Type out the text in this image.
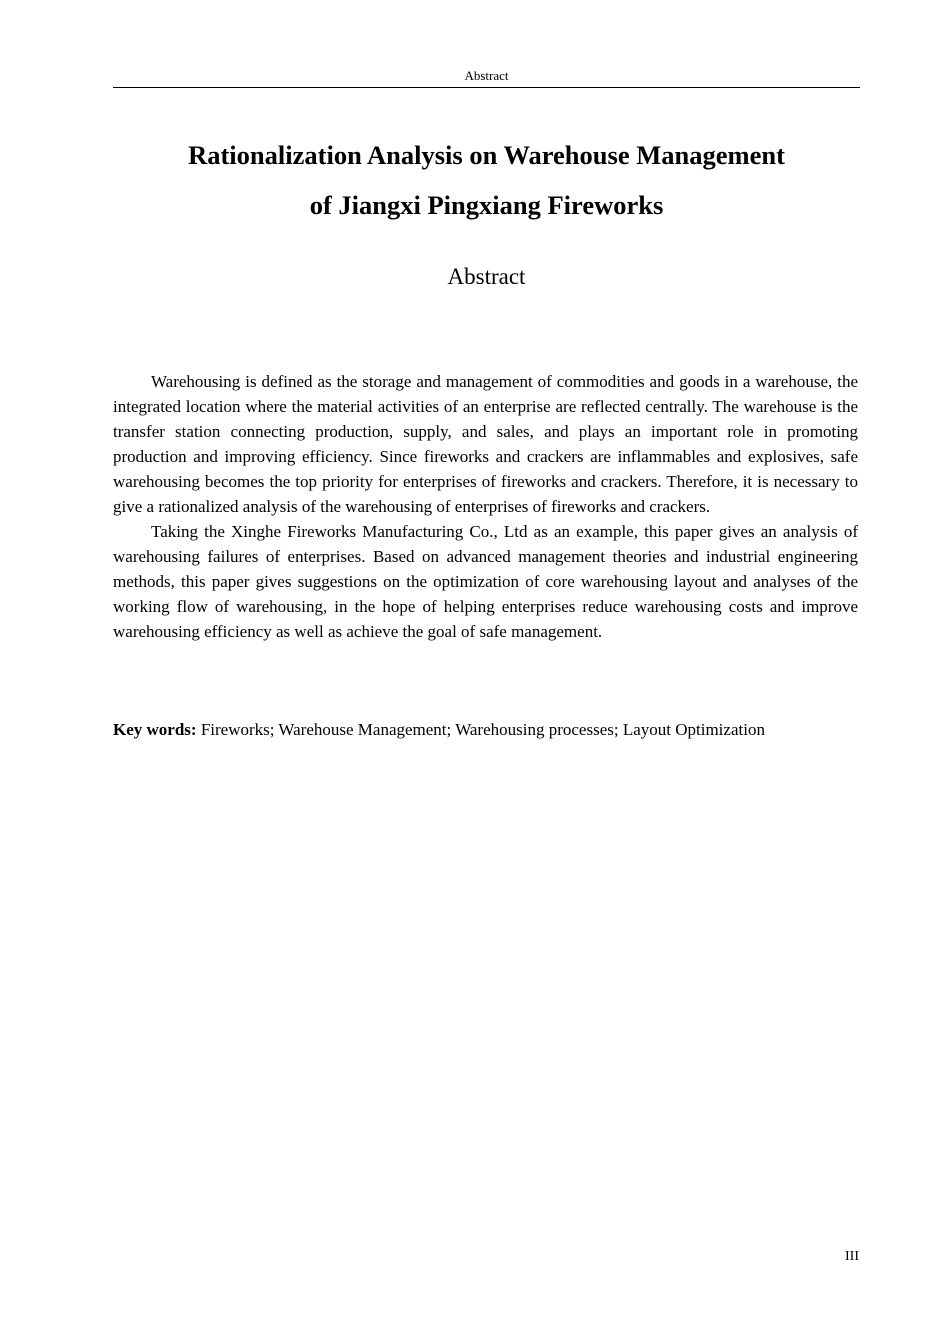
Abstract
Rationalization Analysis on Warehouse Management
of Jiangxi Pingxiang Fireworks
Abstract

Warehousing is defined as the storage and management of commodities and goods in a warehouse, the integrated location where the material activities of an enterprise are reflected centrally. The warehouse is the transfer station connecting production, supply, and sales, and plays an important role in promoting production and improving efficiency. Since fireworks and crackers are inflammables and explosives, safe warehousing becomes the top priority for enterprises of fireworks and crackers. Therefore, it is necessary to give a rationalized analysis of the warehousing of enterprises of fireworks and crackers.

Taking the Xinghe Fireworks Manufacturing Co., Ltd as an example, this paper gives an analysis of warehousing failures of enterprises. Based on advanced management theories and industrial engineering methods, this paper gives suggestions on the optimization of core warehousing layout and analyses of the working flow of warehousing, in the hope of helping enterprises reduce warehousing costs and improve warehousing efficiency as well as achieve the goal of safe management.

Key words: Fireworks; Warehouse Management; Warehousing processes; Layout Optimization
III
